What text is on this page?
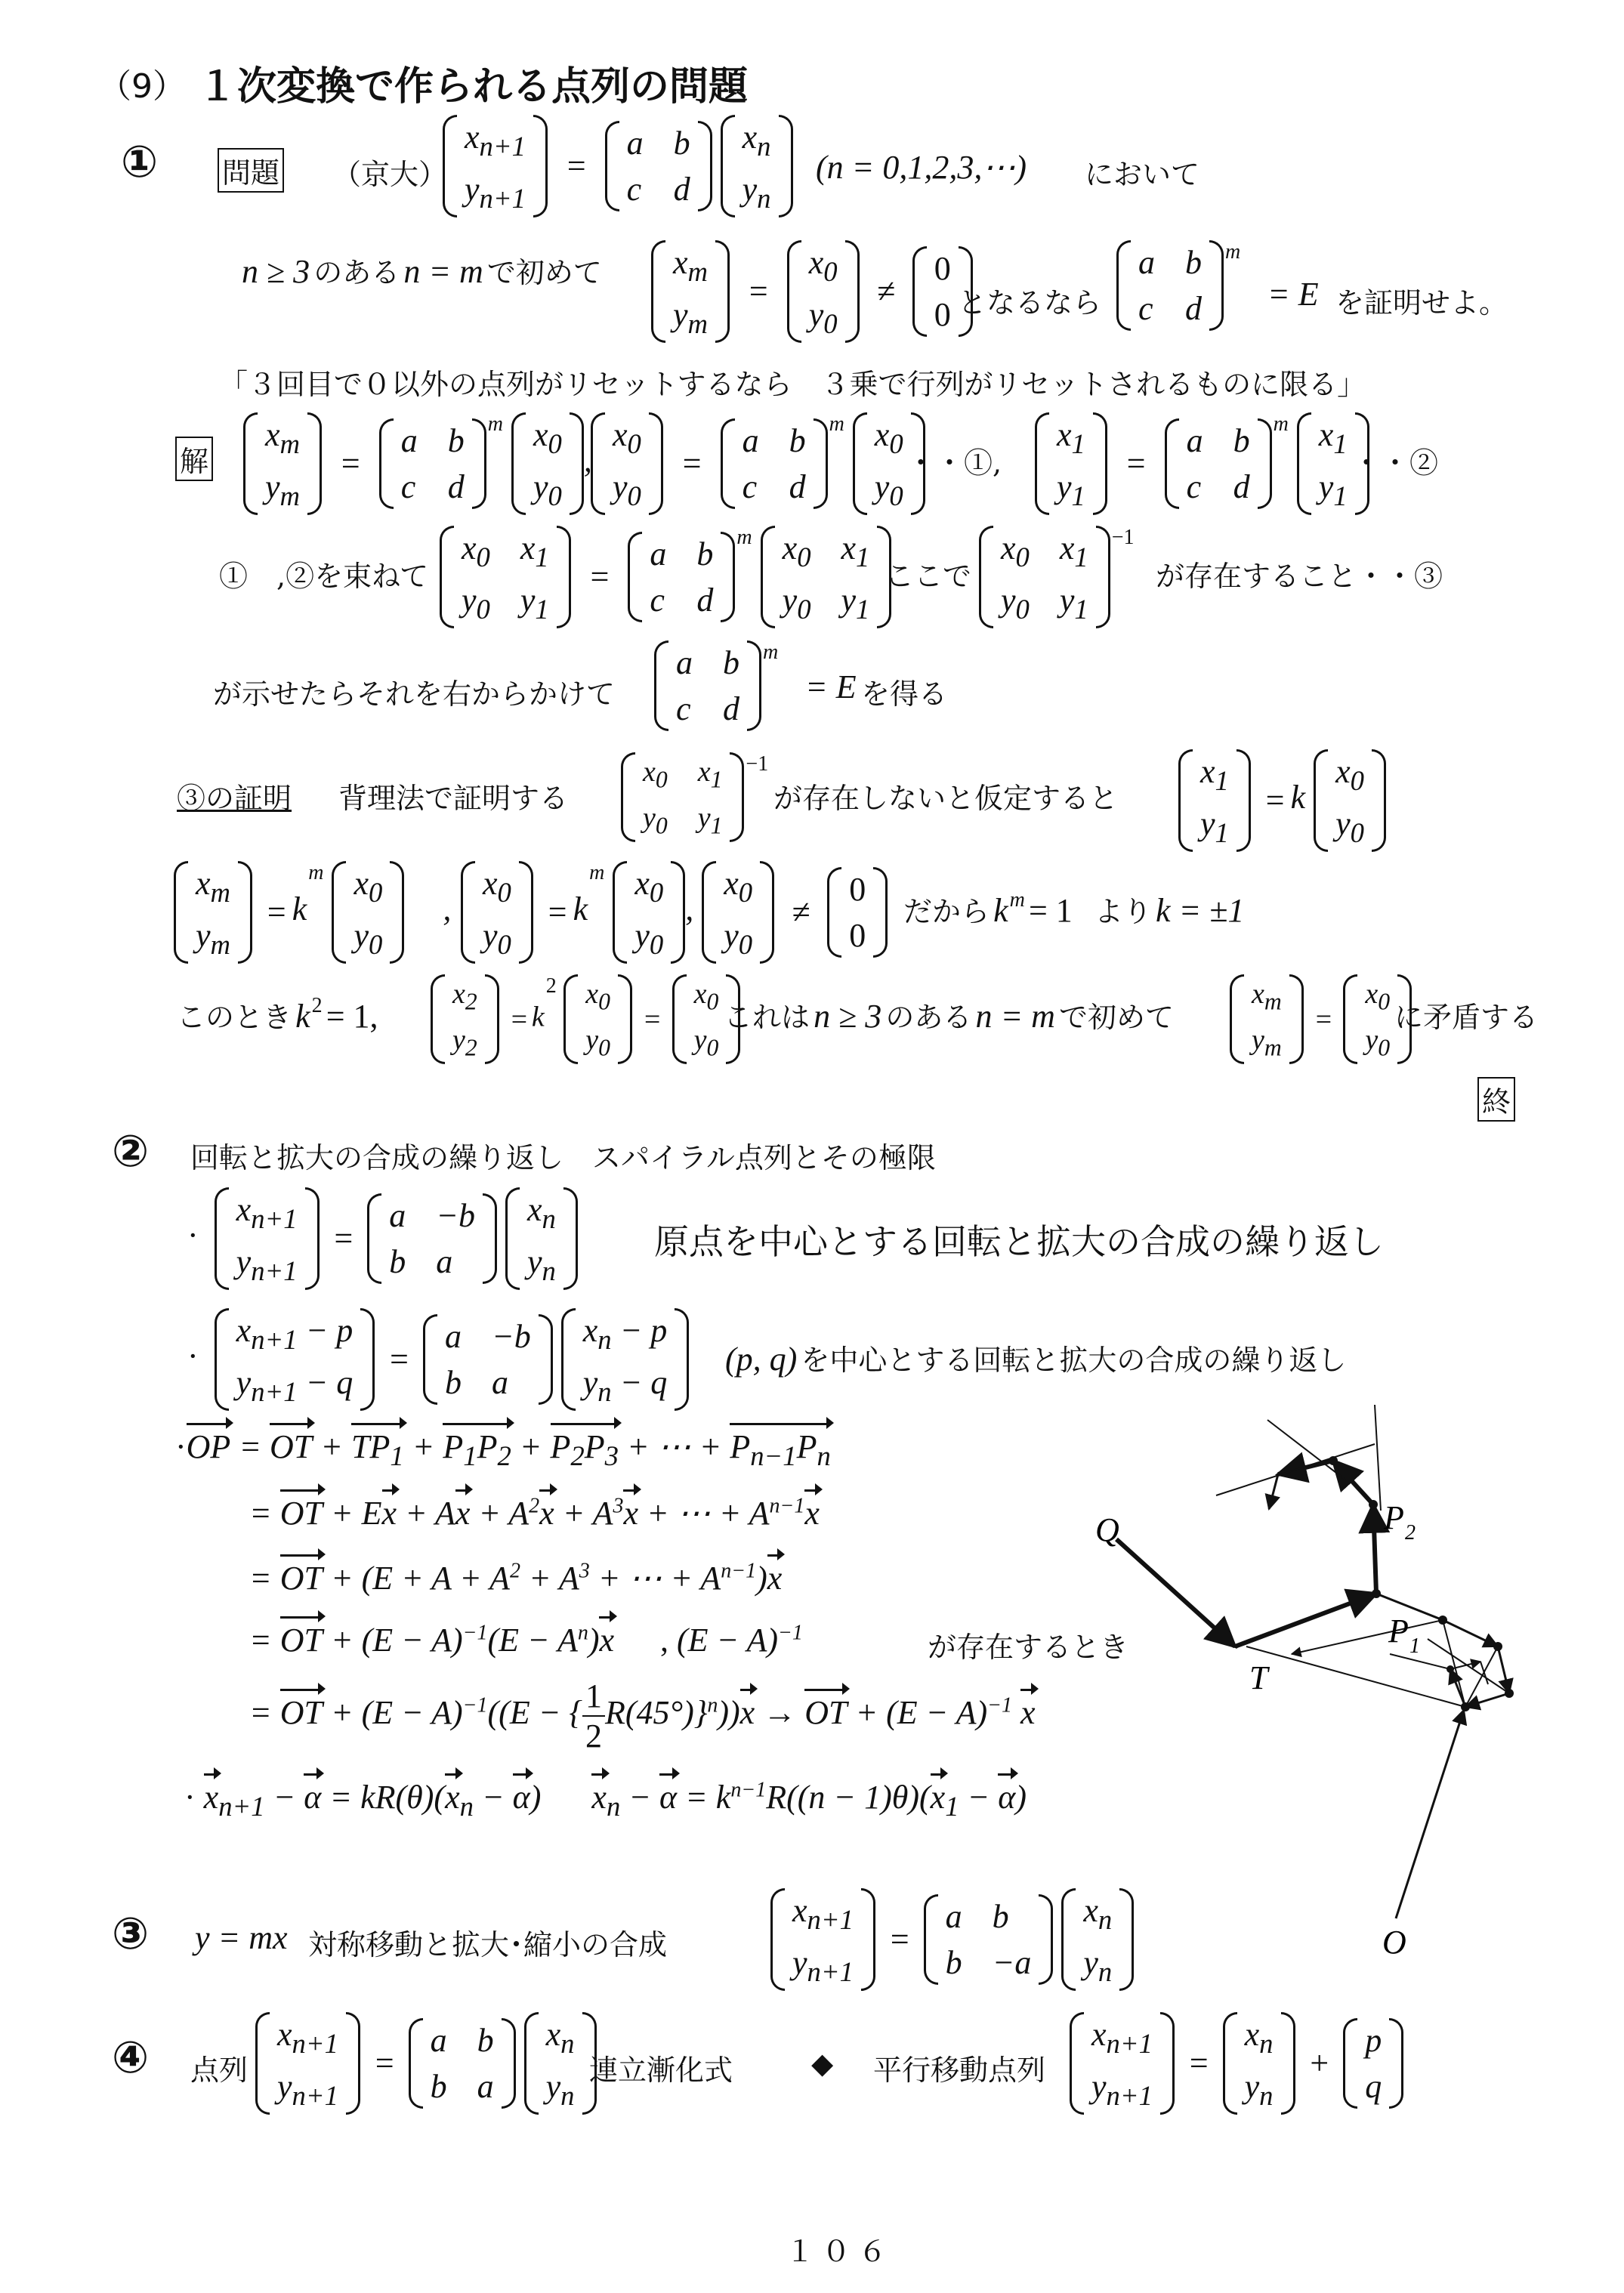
（9） １次変換で作られる点列の問題
① 問題 （京大）
$x_{n+1}$
$y_{n+1}$
=
a b
c d

$x_n$
$y_n$
(n = 0,1,2,3,⋯) において
n ≥ 3 のある n = m で初めて $x_m$
$y_m$
=
$x_0$
$y_0$
≠
0
0 となるなら
a b
c d
$^m$
= E を証明せよ。
「３回目で０以外の点列がリセットするなら　３乗で行列がリセットされるものに限る」
解
$x_m$
$y_m$
=
a b
c d
$^m$ $x_0$
$y_0$
,
$x_0$
$y_0$
=
a b
c d
$^m$ $x_0$
$y_0$
・・①,
$x_1$
$y_1$
=
a b
c d
$^m$ $x_1$
$y_1$
・・②
①　,②を束ねて
$x_0$ $x_1$
$y_0$ $y_1$
=
a b
c d
$^m$ $x_0$ $x_1$
$y_0$ $y_1$
ここで
$x_0$ $x_1$
$y_0$ $y_1$
$^{-1}$
が存在すること・・③
が示せたらそれを右からかけて
a b
c d
$^m$
= E を得る
③の証明 背理法で証明する
$x_0$ $x_1$
$y_0$ $y_1$
$^{-1}$
が存在しないと仮定すると
$x_1$
$y_1$
= k
$x_0$
$y_0$
$x_m$
$y_m$
= $k^m$ $x_0$
$y_0$
,
$x_0$
$y_0$
= $k^m$ $x_0$
$y_0$
,
$x_0$
$y_0$
≠
0
0
だから km = 1 より k = ±1
このとき k2 = 1,
$x_2$
$y_2$
= $k^2$ $x_0$
$y_0$
=
$x_0$
$y_0$
これは n ≥ 3 のある n = m で初めて
$x_m$
$y_m$
=
$x_0$
$y_0$
に矛盾する
終
② 回転と拡大の合成の繰り返し　スパイラル点列とその極限
·
$x_{n+1}$
$y_{n+1}$
=
a −b
b a

$x_n$
$y_n$
原点を中心とする回転と拡大の合成の繰り返し
·
$x_{n+1} - p$
$y_{n+1} - q$
=
a −b
b a

$x_n - p$
$y_n - q$
(p, q) を中心とする回転と拡大の合成の繰り返し
·OP = OT + $TP_1 + P_1P_2 + P_2P_3$ + ⋯ + $P_{n-1}P_n$
= OT + $Ex + Ax + A^2x + A^3x$ + ⋯ + $A^{n-1}x$
= OT + ($E + A + A^2 + A^3$ + ⋯ + $A^{n-1})x$
= OT + $(E - A)^{-1}(E - A^n)x$ , $(E - A)^{-1}$	が存在するとき
= OT + $(E - A)^{-1}((E$ − { $\frac{1}{2} R(45^\circ)\}^n))x$ → OT + $(E - A)^{-1}$ x
· $x_{n+1} - \alpha = kR(\theta)(x_n - \alpha) x_n - \alpha = k^{n-1}R((n - 1)\theta)(x_1 - \alpha)$
Q	P 2
P 1
T
O
③ y = mx 対称移動と拡大･縮小の合成
$x_{n+1}$
$y_{n+1}$
=
a b
b −a

$x_n$
$y_n$
④ 点列
$x_{n+1}$
$y_{n+1}$
=
a b
b a

$x_n$
$y_n$
連立漸化式	◆ 平行移動点列
$x_{n+1}$
$y_{n+1}$
=
$x_n$
$y_n$
+
p
q
１０６
